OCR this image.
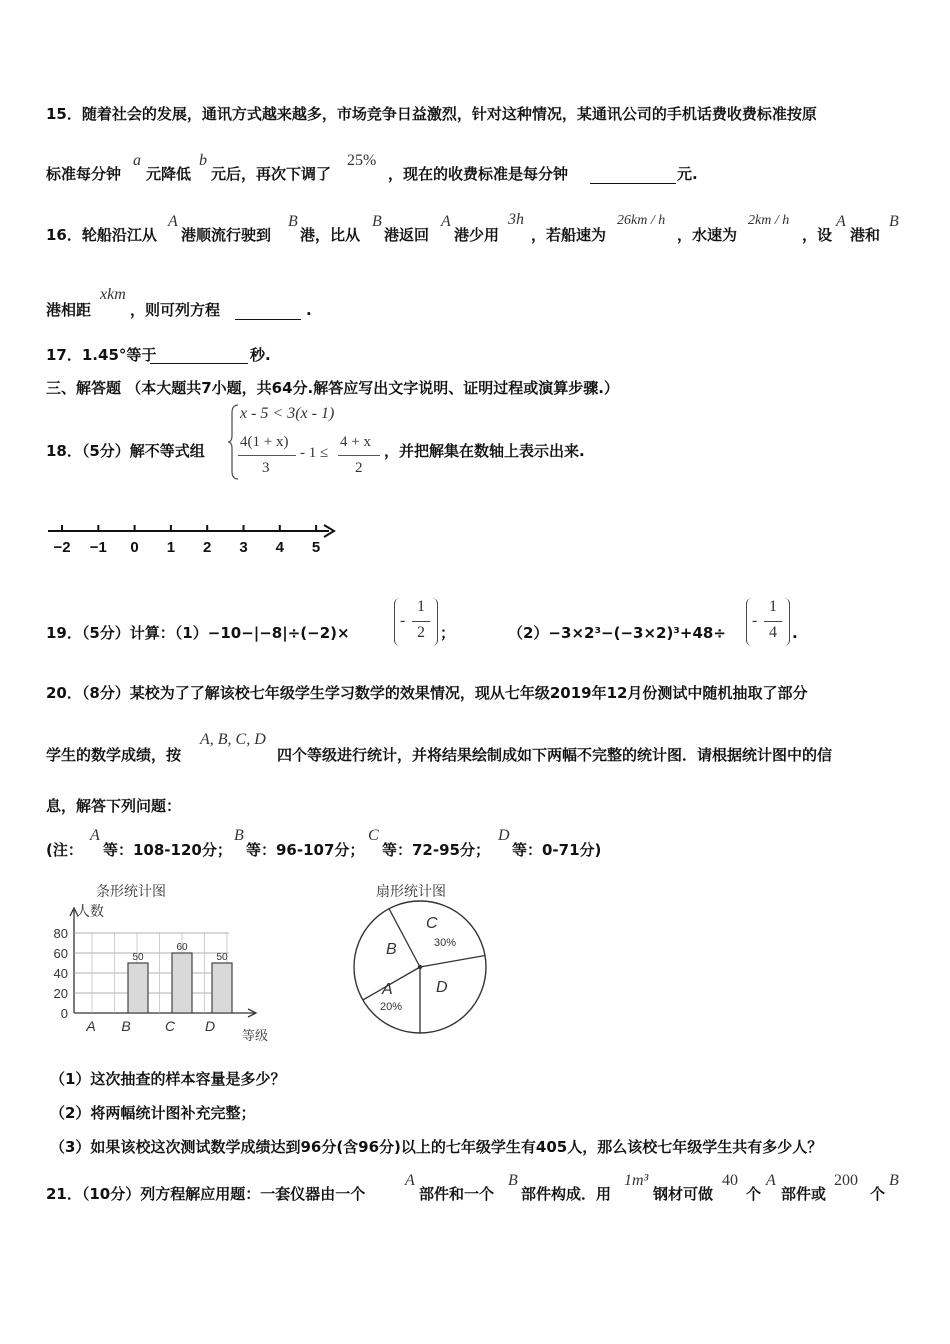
15．随着社会的发展，通讯方式越来越多，市场竞争日益激烈，针对这种情况，某通讯公司的手机话费收费标准按原
标准每分钟
a
元降低
b
元后，再次下调了
25%
，现在的收费标准是每分钟	元.
16．轮船沿江从
A
港顺流行驶到
B
港，比从
B
港返回
A
港少用
3h
，若船速为
26km / h
，水速为
2km / h
，设
A
港和
B
港相距
xkm
，则可列方程	.
17．1.45°等于	秒.
三、解答题 （本大题共7小题，共64分.解答应写出文字说明、证明过程或演算步骤.）
18．（5分）解不等式组
x - 5 < 3(x - 1)
4(1 + x)
3
- 1 ≤
4 + x
2
，并把解集在数轴上表示出来.
−2 −1 0 1 2 3 4 5
19．（5分）计算：（1）−10−|−8|÷(−2)×
-
1
2 ；	（2）−3×2³−(−3×2)³+48÷
-
1
4 .
20．（8分）某校为了了解该校七年级学生学习数学的效果情况，现从七年级2019年12月份测试中随机抽取了部分
学生的数学成绩，按
A, B, C, D
四个等级进行统计，并将结果绘制成如下两幅不完整的统计图．请根据统计图中的信
息，解答下列问题：
(注：
A
等：108-120分；
B
等：96-107分；
C
等：72-95分；
D
等：0-71分)
条形统计图
人数
0
20
40
60
80
A B
50
C
60
D
50
等级
扇形统计图
C
30%
D
A
20%
B
（1）这次抽查的样本容量是多少？
（2）将两幅统计图补充完整；
（3）如果该校这次测试数学成绩达到96分(含96分)以上的七年级学生有405人，那么该校七年级学生共有多少人？
21．（10分）列方程解应用题：一套仪器由一个
A
部件和一个
B
部件构成．用
1m³
钢材可做
40
个
A
部件或
200
个
B
